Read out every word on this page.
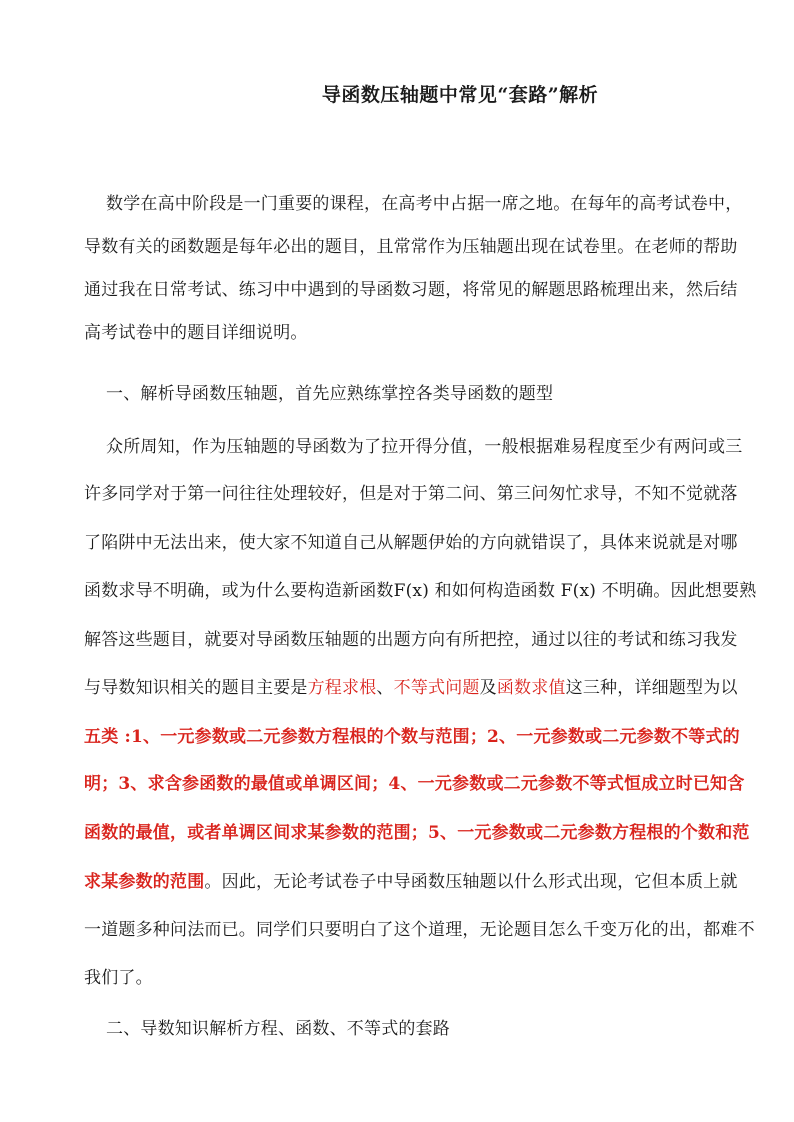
导函数压轴题中常见“套路”解析
数学在高中阶段是一门重要的课程，在高考中占据一席之地。在每年的高考试卷中，
导数有关的函数题是每年必出的题目，且常常作为压轴题出现在试卷里。在老师的帮助
通过我在日常考试、练习中中遇到的导函数习题，将常见的解题思路梳理出来，然后结
高考试卷中的题目详细说明。
一、解析导函数压轴题，首先应熟练掌控各类导函数的题型
众所周知，作为压轴题的导函数为了拉开得分值，一般根据难易程度至少有两问或三
许多同学对于第一问往往处理较好，但是对于第二问、第三问匆忙求导，不知不觉就落
了陷阱中无法出来，使大家不知道自己从解题伊始的方向就错误了，具体来说就是对哪
函数求导不明确，或为什么要构造新函数F(x) 和如何构造函数 F(x) 不明确。因此想要熟
解答这些题目，就要对导函数压轴题的出题方向有所把控，通过以往的考试和练习我发
与导数知识相关的题目主要是方程求根、不等式问题及函数求值这三种，详细题型为以
五类 :1、一元参数或二元参数方程根的个数与范围；2、一元参数或二元参数不等式的
明；3、求含参函数的最值或单调区间；4、一元参数或二元参数不等式恒成立时已知含
函数的最值，或者单调区间求某参数的范围；5、一元参数或二元参数方程根的个数和范
求某参数的范围。因此，无论考试卷子中导函数压轴题以什么形式出现，它但本质上就
一道题多种问法而已。同学们只要明白了这个道理，无论题目怎么千变万化的出，都难不
我们了。
二、导数知识解析方程、函数、不等式的套路
